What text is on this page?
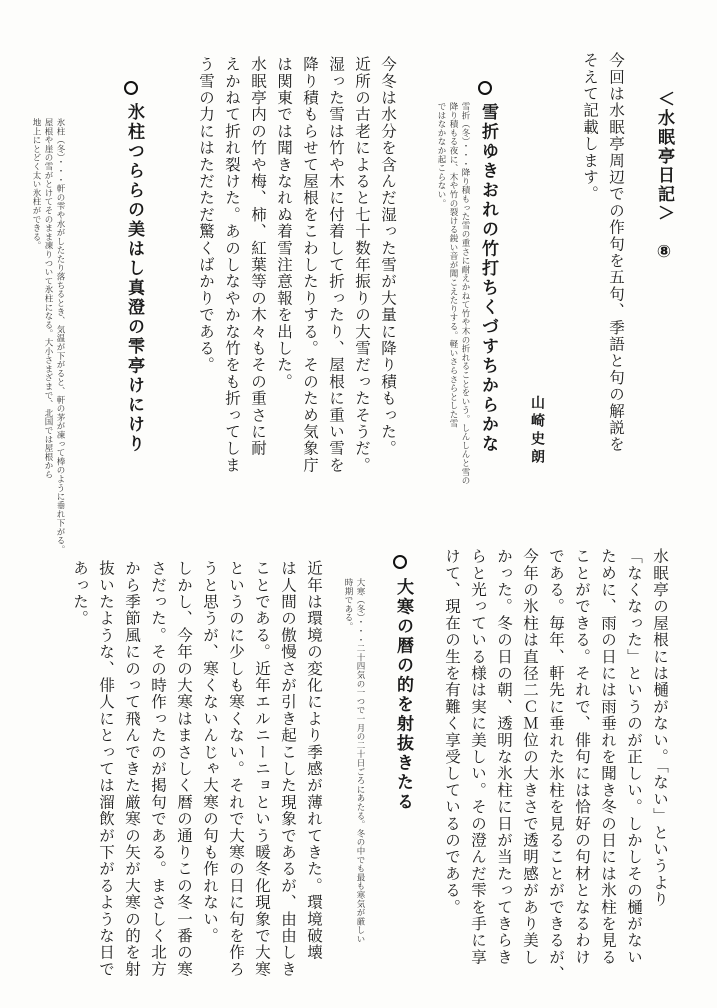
＜水眠亭日記＞　⑧
今回は水眠亭周辺での作句を五句、季語と句の解説を
そえて記載します。
山崎史朗
雪折ゆきおれの竹打ちくづすちからかな
雪折（冬）・・・降り積もった雪の重さに耐えかねて竹や木の折れることをいう。しんしんと雪の
降り積もる夜に、木や竹の裂ける鋭い音が聞こえたりする。軽いさらさらとした雪
ではなかなか起こらない。
今冬は水分を含んだ湿った雪が大量に降り積もった。
近所の古老によると七十数年振りの大雪だったそうだ。
湿った雪は竹や木に付着して折ったり、屋根に重い雪を
降り積もらせて屋根をこわしたりする。そのため気象庁
は関東では聞きなれぬ着雪注意報を出した。
水眠亭内の竹や梅、柿、紅葉等の木々もその重さに耐
えかねて折れ裂けた。あのしなやかな竹をも折ってしま
う雪の力にはただただ驚くばかりである。
氷柱つららの美はし真澄の雫亭けにけり
氷柱（冬）・・・軒の雫や水がしたたり落ちるとき、気温が下がると、軒の茅が凍って棒のように垂れ下がる。
屋根や崖の雪がとけてそのまま凍りついて氷柱になる。大小さまざまで、北国では屋根から
地上にとどく太い氷柱ができる。
水眠亭の屋根には樋がない。「ない」というより
「なくなった」というのが正しい。しかしその樋がない
ために、雨の日には雨垂れを聞き冬の日には氷柱を見る
ことができる。それで、俳句には恰好の句材となるわけ
である。毎年、軒先に垂れた氷柱を見ることができるが、
今年の氷柱は直径二ＣＭ位の大きさで透明感があり美し
かった。冬の日の朝、透明な氷柱に日が当たってきらき
らと光っている様は実に美しい。その澄んだ雫を手に享
けて、現在の生を有難く享受しているのである。
大寒の暦の的を射抜きたる
大寒（冬）・・・二十四気の一つで一月の二十日ごろにあたる。冬の中でも最も寒気が厳しい
時期である。
近年は環境の変化により季感が薄れてきた。環境破壊
は人間の傲慢さが引き起こした現象であるが、由由しき
ことである。近年エルニーニョという暖冬化現象で大寒
というのに少しも寒くない。それで大寒の日に句を作ろ
うと思うが、寒くないんじゃ大寒の句も作れない。
しかし、今年の大寒はまさしく暦の通りこの冬一番の寒
さだった。その時作ったのが掲句である。まさしく北方
から季節風にのって飛んできた厳寒の矢が大寒の的を射
抜いたような、俳人にとっては溜飲が下がるような日で
あった。
